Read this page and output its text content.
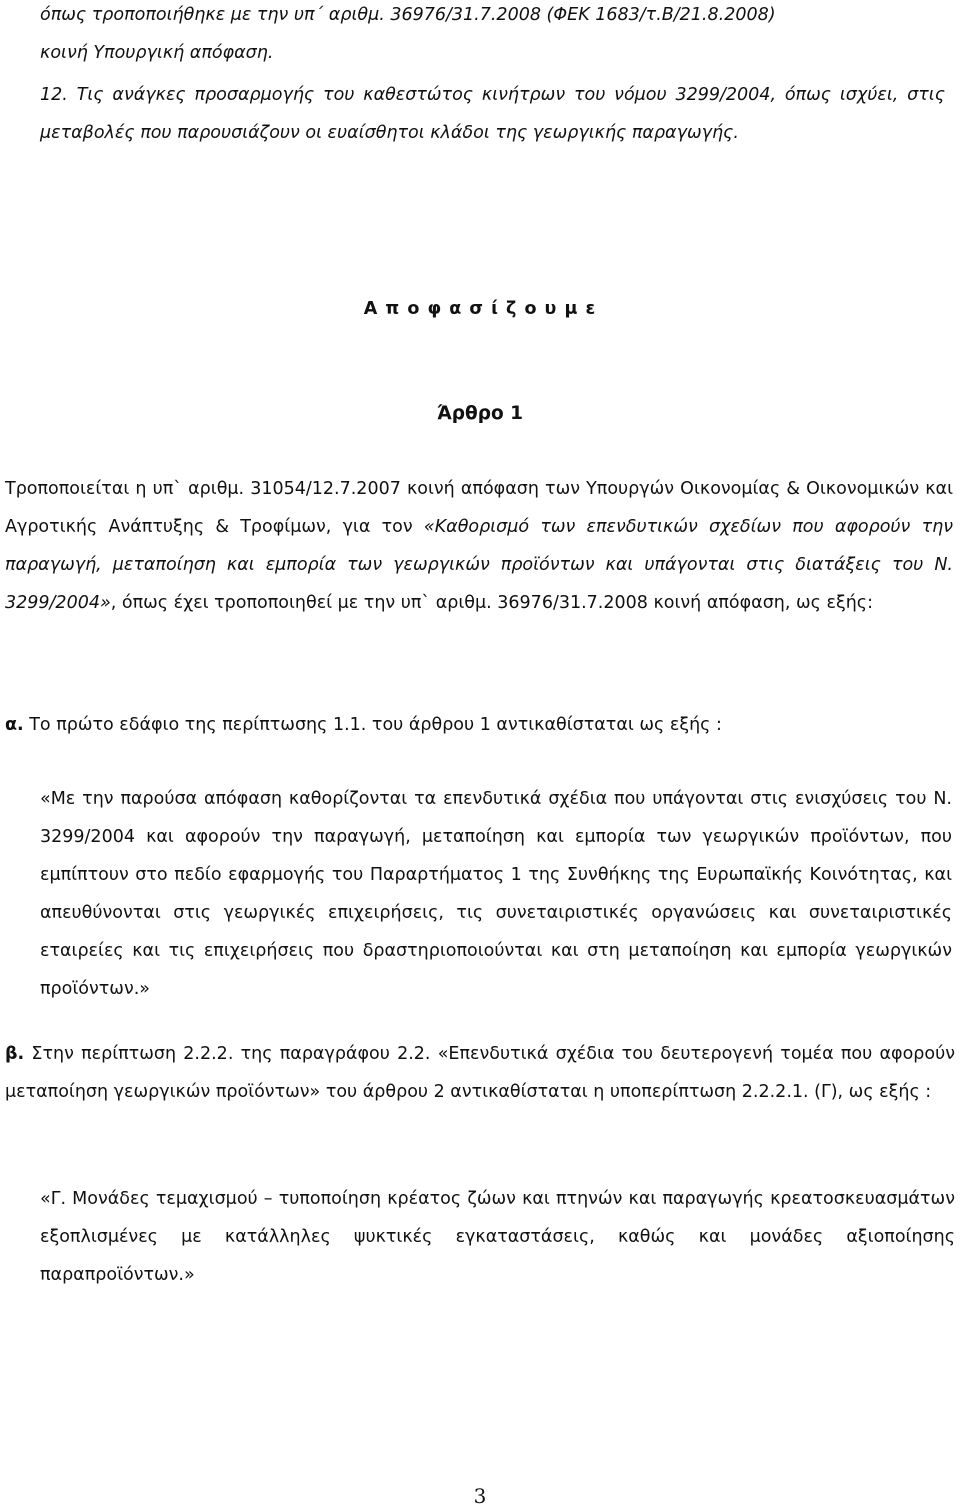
όπως τροποποιήθηκε με την υπ΄ αριθμ. 36976/31.7.2008 (ΦΕΚ 1683/τ.Β/21.8.2008)
κοινή Υπουργική απόφαση.

12. Τις ανάγκες προσαρμογής του καθεστώτος κινήτρων του νόμου 3299/2004, όπως ισχύει, στις μεταβολές που παρουσιάζουν οι ευαίσθητοι κλάδοι της γεωργικής παραγωγής.

Α π ο φ α σ ί ζ ο υ μ ε

Άρθρο 1

Τροποποιείται η υπ` αριθμ. 31054/12.7.2007 κοινή απόφαση των Υπουργών Οικονομίας & Οικονομικών και Αγροτικής Ανάπτυξης & Τροφίμων, για τον «Καθορισμό των επενδυτικών σχεδίων που αφορούν την παραγωγή, μεταποίηση και εμπορία των γεωργικών προϊόντων και υπάγονται στις διατάξεις του Ν. 3299/2004», όπως έχει τροποποιηθεί με την υπ` αριθμ. 36976/31.7.2008 κοινή απόφαση, ως εξής:

α. Το πρώτο εδάφιο της περίπτωσης 1.1. του άρθρου 1 αντικαθίσταται ως εξής :

«Με την παρούσα απόφαση καθορίζονται τα επενδυτικά σχέδια που υπάγονται στις ενισχύσεις του Ν. 3299/2004 και αφορούν την παραγωγή, μεταποίηση και εμπορία των γεωργικών προϊόντων, που εμπίπτουν στο πεδίο εφαρμογής του Παραρτήματος 1 της Συνθήκης της Ευρωπαϊκής Κοινότητας, και απευθύνονται στις γεωργικές επιχειρήσεις, τις συνεταιριστικές οργανώσεις και συνεταιριστικές εταιρείες και τις επιχειρήσεις που δραστηριοποιούνται και στη μεταποίηση και εμπορία γεωργικών προϊόντων.»

β. Στην περίπτωση 2.2.2. της παραγράφου 2.2. «Επενδυτικά σχέδια του δευτερογενή τομέα που αφορούν μεταποίηση γεωργικών προϊόντων» του άρθρου 2 αντικαθίσταται η υποπερίπτωση 2.2.2.1. (Γ), ως εξής :

«Γ. Μονάδες τεμαχισμού – τυποποίηση κρέατος ζώων και πτηνών και παραγωγής κρεατοσκευασμάτων εξοπλισμένες με κατάλληλες ψυκτικές εγκαταστάσεις, καθώς και μονάδες αξιοποίησης παραπροϊόντων.»

3
